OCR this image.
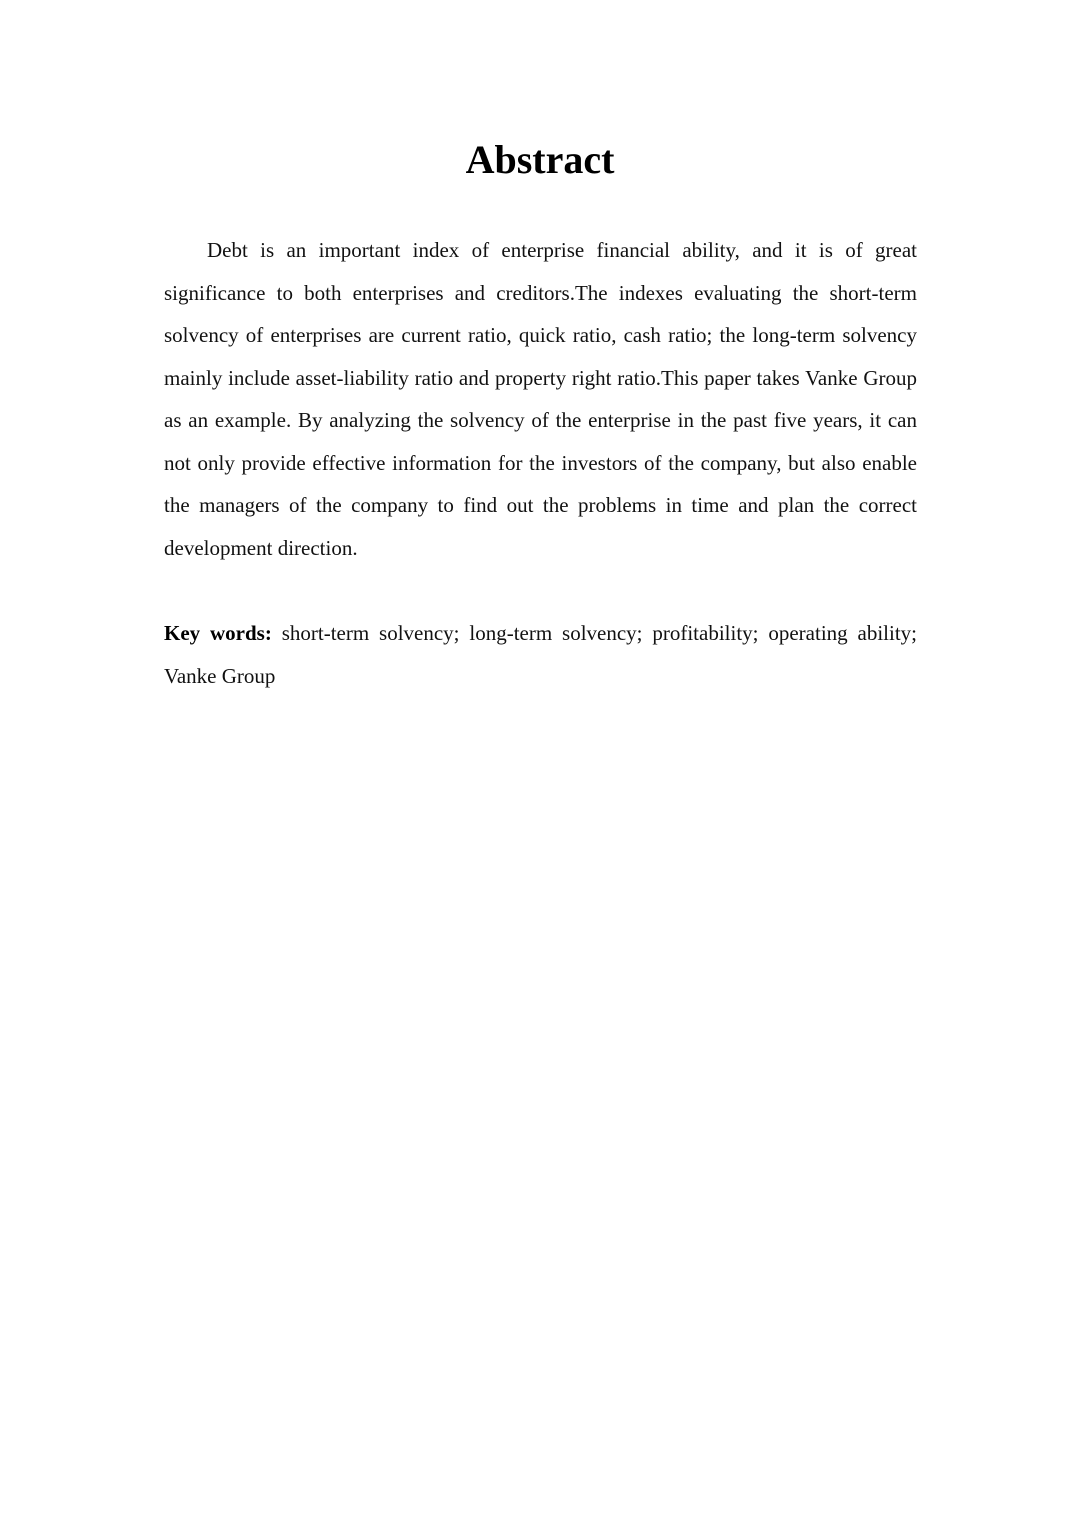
Abstract

Debt is an important index of enterprise financial ability, and it is of great significance to both enterprises and creditors.The indexes evaluating the short-term solvency of enterprises are current ratio, quick ratio, cash ratio; the long-term solvency mainly include asset-liability ratio and property right ratio.This paper takes Vanke Group as an example. By analyzing the solvency of the enterprise in the past five years, it can not only provide effective information for the investors of the company, but also enable the managers of the company to find out the problems in time and plan the correct development direction.

Key words: short-term solvency; long-term solvency; profitability; operating ability; Vanke Group
